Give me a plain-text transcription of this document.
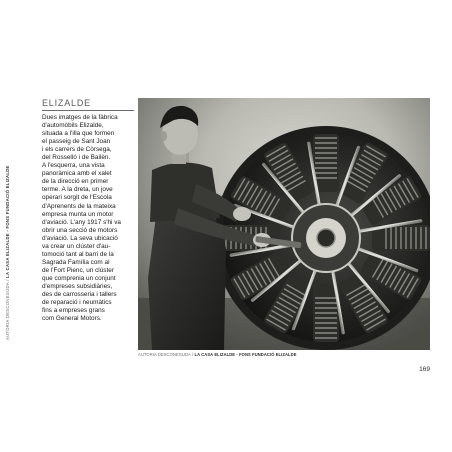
AUTORIA DESCONEGUDA / LA CASA ELIZALDE - FONS FUNDACIÓ ELIZALDE
ELIZALDE

Dues imatges de la fàbrica
d'automòbils Elizalde,
situada a l'illa que formen
el passeig de Sant Joan
i els carrers de Còrsega,
del Rosselló i de Bailèn.
A l'esquerra, una vista
panoràmica amb el xalet
de la direcció en primer
terme. A la dreta, un jove
operari sorgit de l'Escola
d'Aprenents de la mateixa
empresa munta un motor
d'aviació. L'any 1917 s'hi va
obrir una secció de motors
d'aviació. La seva ubicació
va crear un clúster d'au-
tomoció tant al barri de la
Sagrada Família com al
de l'Fort Pienc, un clúster
que comprenia un conjunt
d'empreses subsidiàries,
des de carrosseria i tallers
de reparació i neumàtics
fins a empreses grans
com General Motors.

AUTORIA DESCONEGUDA / LA CASA ELIZALDE - FONS FUNDACIÓ ELIZALDE
169
